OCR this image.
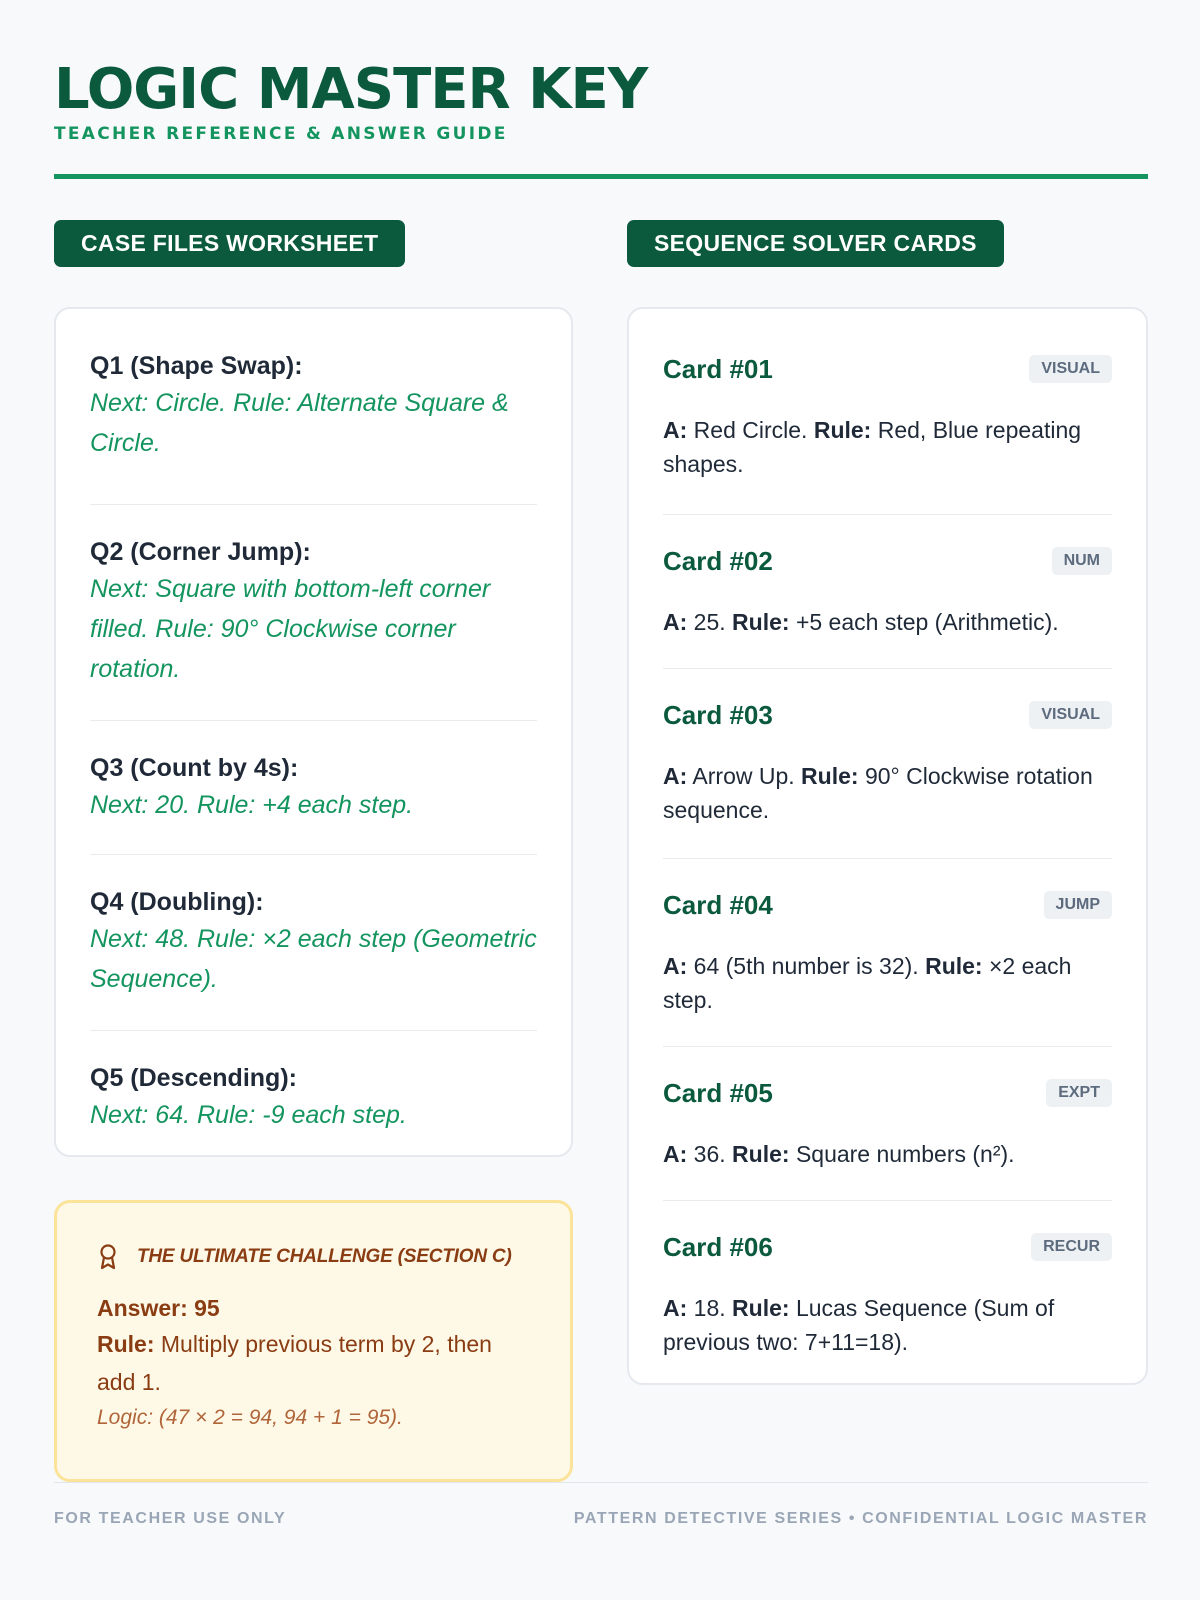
LOGIC MASTER KEY
TEACHER REFERENCE & ANSWER GUIDE
CASE FILES WORKSHEET	SEQUENCE SOLVER CARDS
Q1 (Shape Swap):
Next: Circle. Rule: Alternate Square & Circle.
Q2 (Corner Jump):
Next: Square with bottom-left corner filled. Rule: 90° Clockwise corner rotation.
Q3 (Count by 4s):
Next: 20. Rule: +4 each step.
Q4 (Doubling):
Next: 48. Rule: ×2 each step (Geometric Sequence).
Q5 (Descending):
Next: 64. Rule: -9 each step.
Card #01	VISUAL
A: Red Circle. Rule: Red, Blue repeating shapes.
Card #02	NUM
A: 25. Rule: +5 each step (Arithmetic).
Card #03	VISUAL
A: Arrow Up. Rule: 90° Clockwise rotation sequence.
Card #04	JUMP
A: 64 (5th number is 32). Rule: ×2 each step.
Card #05	EXPT
A: 36. Rule: Square numbers (n²).
Card #06	RECUR
A: 18. Rule: Lucas Sequence (Sum of previous two: 7+11=18).
THE ULTIMATE CHALLENGE (SECTION C)
Answer: 95
Rule: Multiply previous term by 2, then add 1.
Logic: (47 × 2 = 94, 94 + 1 = 95).
FOR TEACHER USE ONLY	PATTERN DETECTIVE SERIES • CONFIDENTIAL LOGIC MASTER
